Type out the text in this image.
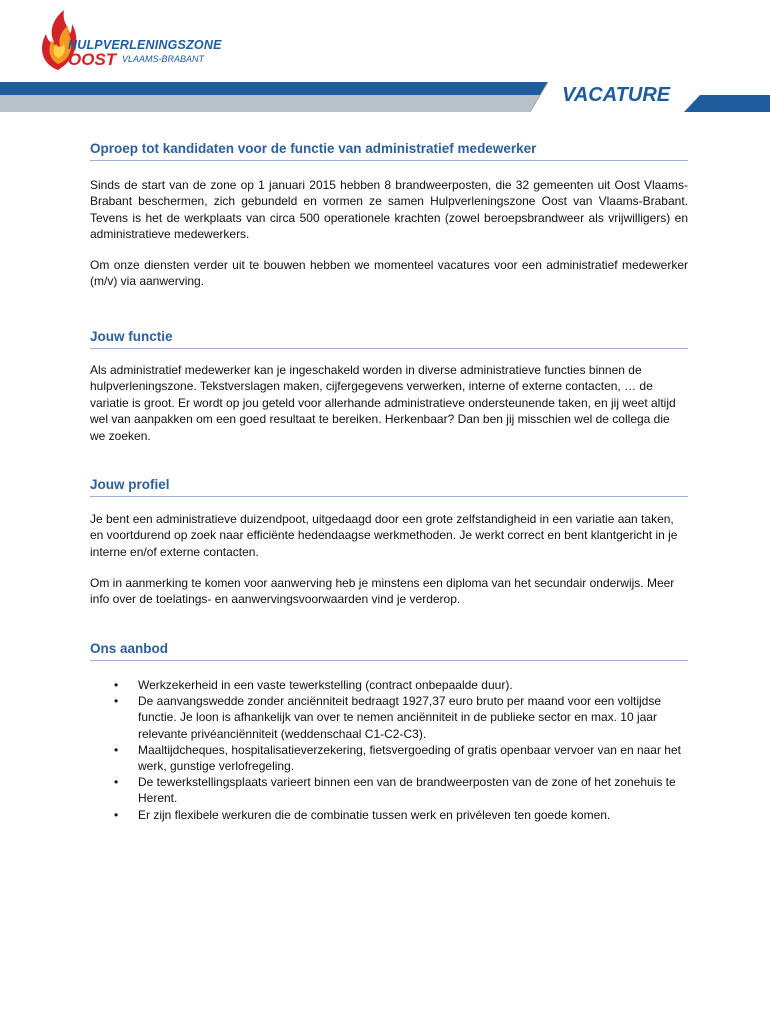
HULPVERLENINGSZONE
OOST VLAAMS-BRABANT
VACATURE
Oproep tot kandidaten voor de functie van administratief medewerker

Sinds de start van de zone op 1 januari 2015 hebben 8 brandweerposten, die 32 gemeenten uit Oost Vlaams-Brabant beschermen, zich gebundeld en vormen ze samen Hulpverleningszone Oost van Vlaams-Brabant. Tevens is het de werkplaats van circa 500 operationele krachten (zowel beroepsbrandweer als vrijwilligers) en administratieve medewerkers.

Om onze diensten verder uit te bouwen hebben we momenteel vacatures voor een administratief medewerker (m/v) via aanwerving.

Jouw functie

Als administratief medewerker kan je ingeschakeld worden in diverse administratieve functies binnen de hulpverleningszone. Tekstverslagen maken, cijfergegevens verwerken, interne of externe contacten, … de variatie is groot. Er wordt op jou geteld voor allerhande administratieve ondersteunende taken, en jij weet altijd wel van aanpakken om een goed resultaat te bereiken. Herkenbaar? Dan ben jij misschien wel de collega die we zoeken.

Jouw profiel

Je bent een administratieve duizendpoot, uitgedaagd door een grote zelfstandigheid in een variatie aan taken, en voortdurend op zoek naar efficiënte hedendaagse werkmethoden. Je werkt correct en bent klantgericht in je interne en/of externe contacten.

Om in aanmerking te komen voor aanwerving heb je minstens een diploma van het secundair onderwijs. Meer info over de toelatings- en aanwervingsvoorwaarden vind je verderop.

Ons aanbod
• Werkzekerheid in een vaste tewerkstelling (contract onbepaalde duur).
• De aanvangswedde zonder anciënniteit bedraagt 1927,37 euro bruto per maand voor een voltijdse functie. Je loon is afhankelijk van over te nemen anciënniteit in de publieke sector en max. 10 jaar relevante privéanciënniteit (weddenschaal C1-C2-C3).
• Maaltijdcheques, hospitalisatieverzekering, fietsvergoeding of gratis openbaar vervoer van en naar het werk, gunstige verlofregeling.
• De tewerkstellingsplaats varieert binnen een van de brandweerposten van de zone of het zonehuis te Herent.
• Er zijn flexibele werkuren die de combinatie tussen werk en privéleven ten goede komen.
